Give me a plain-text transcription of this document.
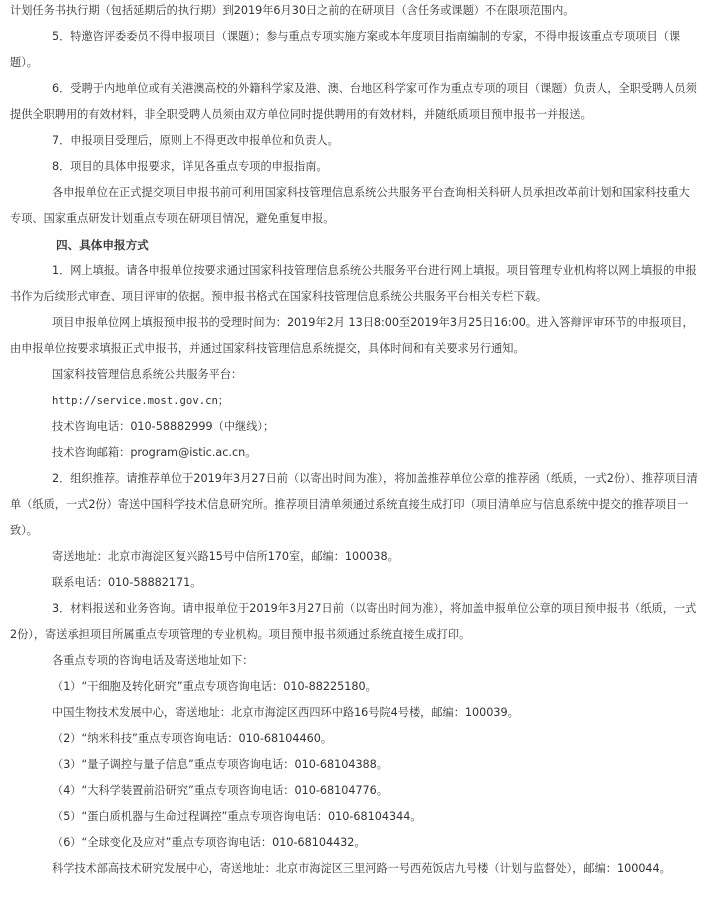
计划任务书执行期（包括延期后的执行期）到2019年6月30日之前的在研项目（含任务或课题）不在限项范围内。

5．特邀咨评委委员不得申报项目（课题）；参与重点专项实施方案或本年度项目指南编制的专家，不得申报该重点专项项目（课题）。

6．受聘于内地单位或有关港澳高校的外籍科学家及港、澳、台地区科学家可作为重点专项的项目（课题）负责人，全职受聘人员须提供全职聘用的有效材料，非全职受聘人员须由双方单位同时提供聘用的有效材料，并随纸质项目预申报书一并报送。

7．申报项目受理后，原则上不得更改申报单位和负责人。

8．项目的具体申报要求，详见各重点专项的申报指南。

各申报单位在正式提交项目申报书前可利用国家科技管理信息系统公共服务平台查询相关科研人员承担改革前计划和国家科技重大专项、国家重点研发计划重点专项在研项目情况，避免重复申报。

四、具体申报方式

1．网上填报。请各申报单位按要求通过国家科技管理信息系统公共服务平台进行网上填报。项目管理专业机构将以网上填报的申报书作为后续形式审查、项目评审的依据。预申报书格式在国家科技管理信息系统公共服务平台相关专栏下载。

项目申报单位网上填报预申报书的受理时间为：2019年2月 13日8:00至2019年3月25日16:00。进入答辩评审环节的申报项目，由申报单位按要求填报正式申报书，并通过国家科技管理信息系统提交，具体时间和有关要求另行通知。

国家科技管理信息系统公共服务平台：

http://service.most.gov.cn；

技术咨询电话：010-58882999（中继线）；

技术咨询邮箱：program@istic.ac.cn。

2．组织推荐。请推荐单位于2019年3月27日前（以寄出时间为准），将加盖推荐单位公章的推荐函（纸质，一式2份）、推荐项目清单（纸质，一式2份）寄送中国科学技术信息研究所。推荐项目清单须通过系统直接生成打印（项目清单应与信息系统中提交的推荐项目一致）。

寄送地址：北京市海淀区复兴路15号中信所170室，邮编：100038。

联系电话：010-58882171。

3．材料报送和业务咨询。请申报单位于2019年3月27日前（以寄出时间为准），将加盖申报单位公章的项目预申报书（纸质，一式2份），寄送承担项目所属重点专项管理的专业机构。项目预申报书须通过系统直接生成打印。

各重点专项的咨询电话及寄送地址如下：

（1）“干细胞及转化研究”重点专项咨询电话：010-88225180。

中国生物技术发展中心，寄送地址：北京市海淀区西四环中路16号院4号楼，邮编：100039。

（2）“纳米科技”重点专项咨询电话：010-68104460。

（3）“量子调控与量子信息”重点专项咨询电话：010-68104388。

（4）“大科学装置前沿研究”重点专项咨询电话：010-68104776。

（5）“蛋白质机器与生命过程调控”重点专项咨询电话：010-68104344。

（6）“全球变化及应对”重点专项咨询电话：010-68104432。

科学技术部高技术研究发展中心，寄送地址：北京市海淀区三里河路一号西苑饭店九号楼（计划与监督处），邮编：100044。
